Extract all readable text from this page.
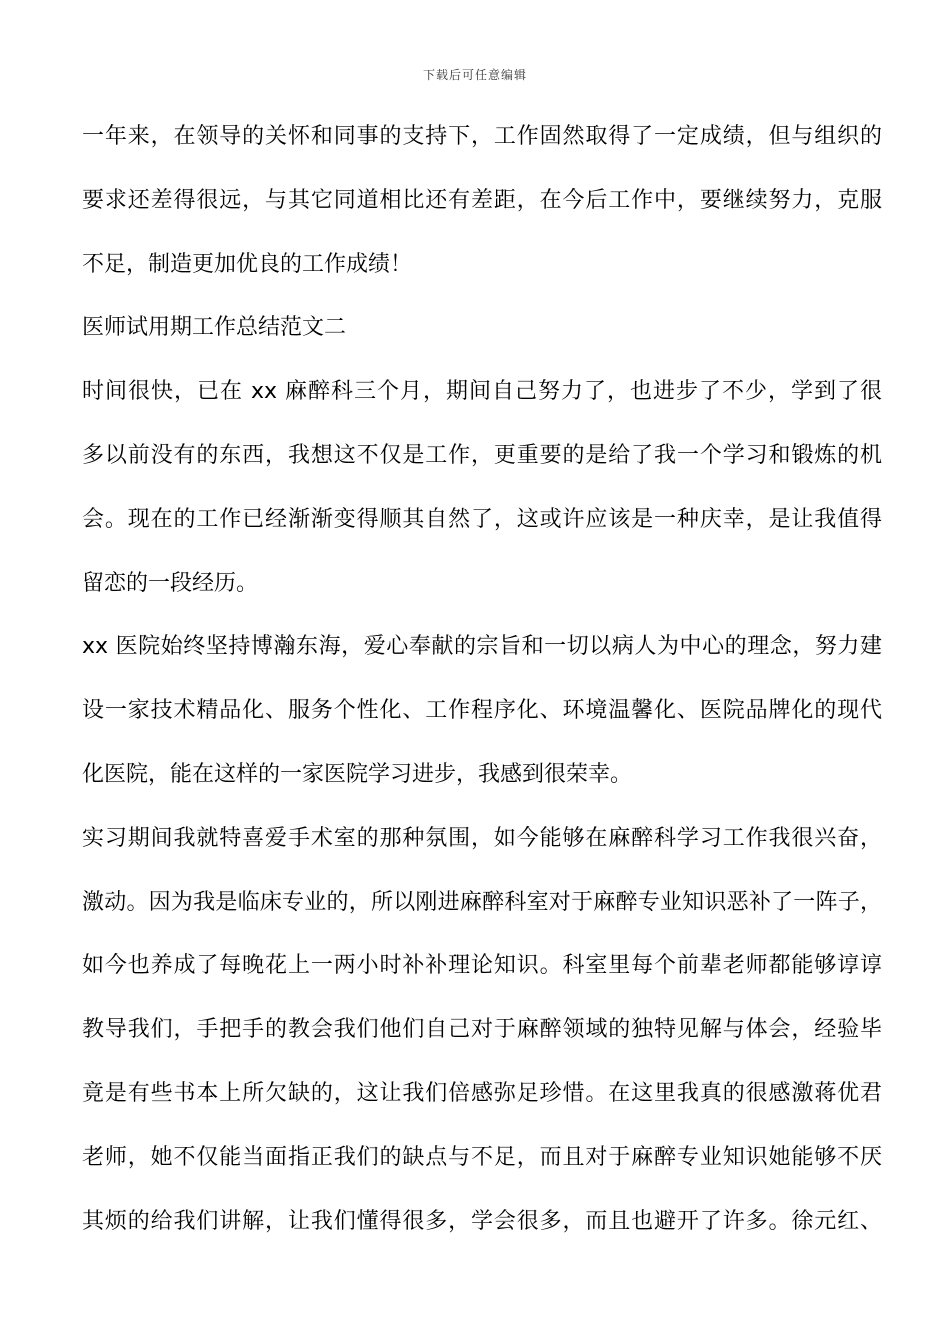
下载后可任意编辑
一年来，在领导的关怀和同事的支持下，工作固然取得了一定成绩，但与组织的
要求还差得很远，与其它同道相比还有差距，在今后工作中，要继续努力，克服
不足，制造更加优良的工作成绩！
医师试用期工作总结范文二
时间很快，已在 xx 麻醉科三个月，期间自己努力了，也进步了不少，学到了很
多以前没有的东西，我想这不仅是工作，更重要的是给了我一个学习和锻炼的机
会。现在的工作已经渐渐变得顺其自然了，这或许应该是一种庆幸，是让我值得
留恋的一段经历。
xx 医院始终坚持博瀚东海，爱心奉献的宗旨和一切以病人为中心的理念，努力建
设一家技术精品化、服务个性化、工作程序化、环境温馨化、医院品牌化的现代
化医院，能在这样的一家医院学习进步，我感到很荣幸。
实习期间我就特喜爱手术室的那种氛围，如今能够在麻醉科学习工作我很兴奋，
激动。因为我是临床专业的，所以刚进麻醉科室对于麻醉专业知识恶补了一阵子，
如今也养成了每晚花上一两小时补补理论知识。科室里每个前辈老师都能够谆谆
教导我们，手把手的教会我们他们自己对于麻醉领域的独特见解与体会，经验毕
竟是有些书本上所欠缺的，这让我们倍感弥足珍惜。在这里我真的很感激蒋优君
老师，她不仅能当面指正我们的缺点与不足，而且对于麻醉专业知识她能够不厌
其烦的给我们讲解，让我们懂得很多，学会很多，而且也避开了许多。徐元红、
